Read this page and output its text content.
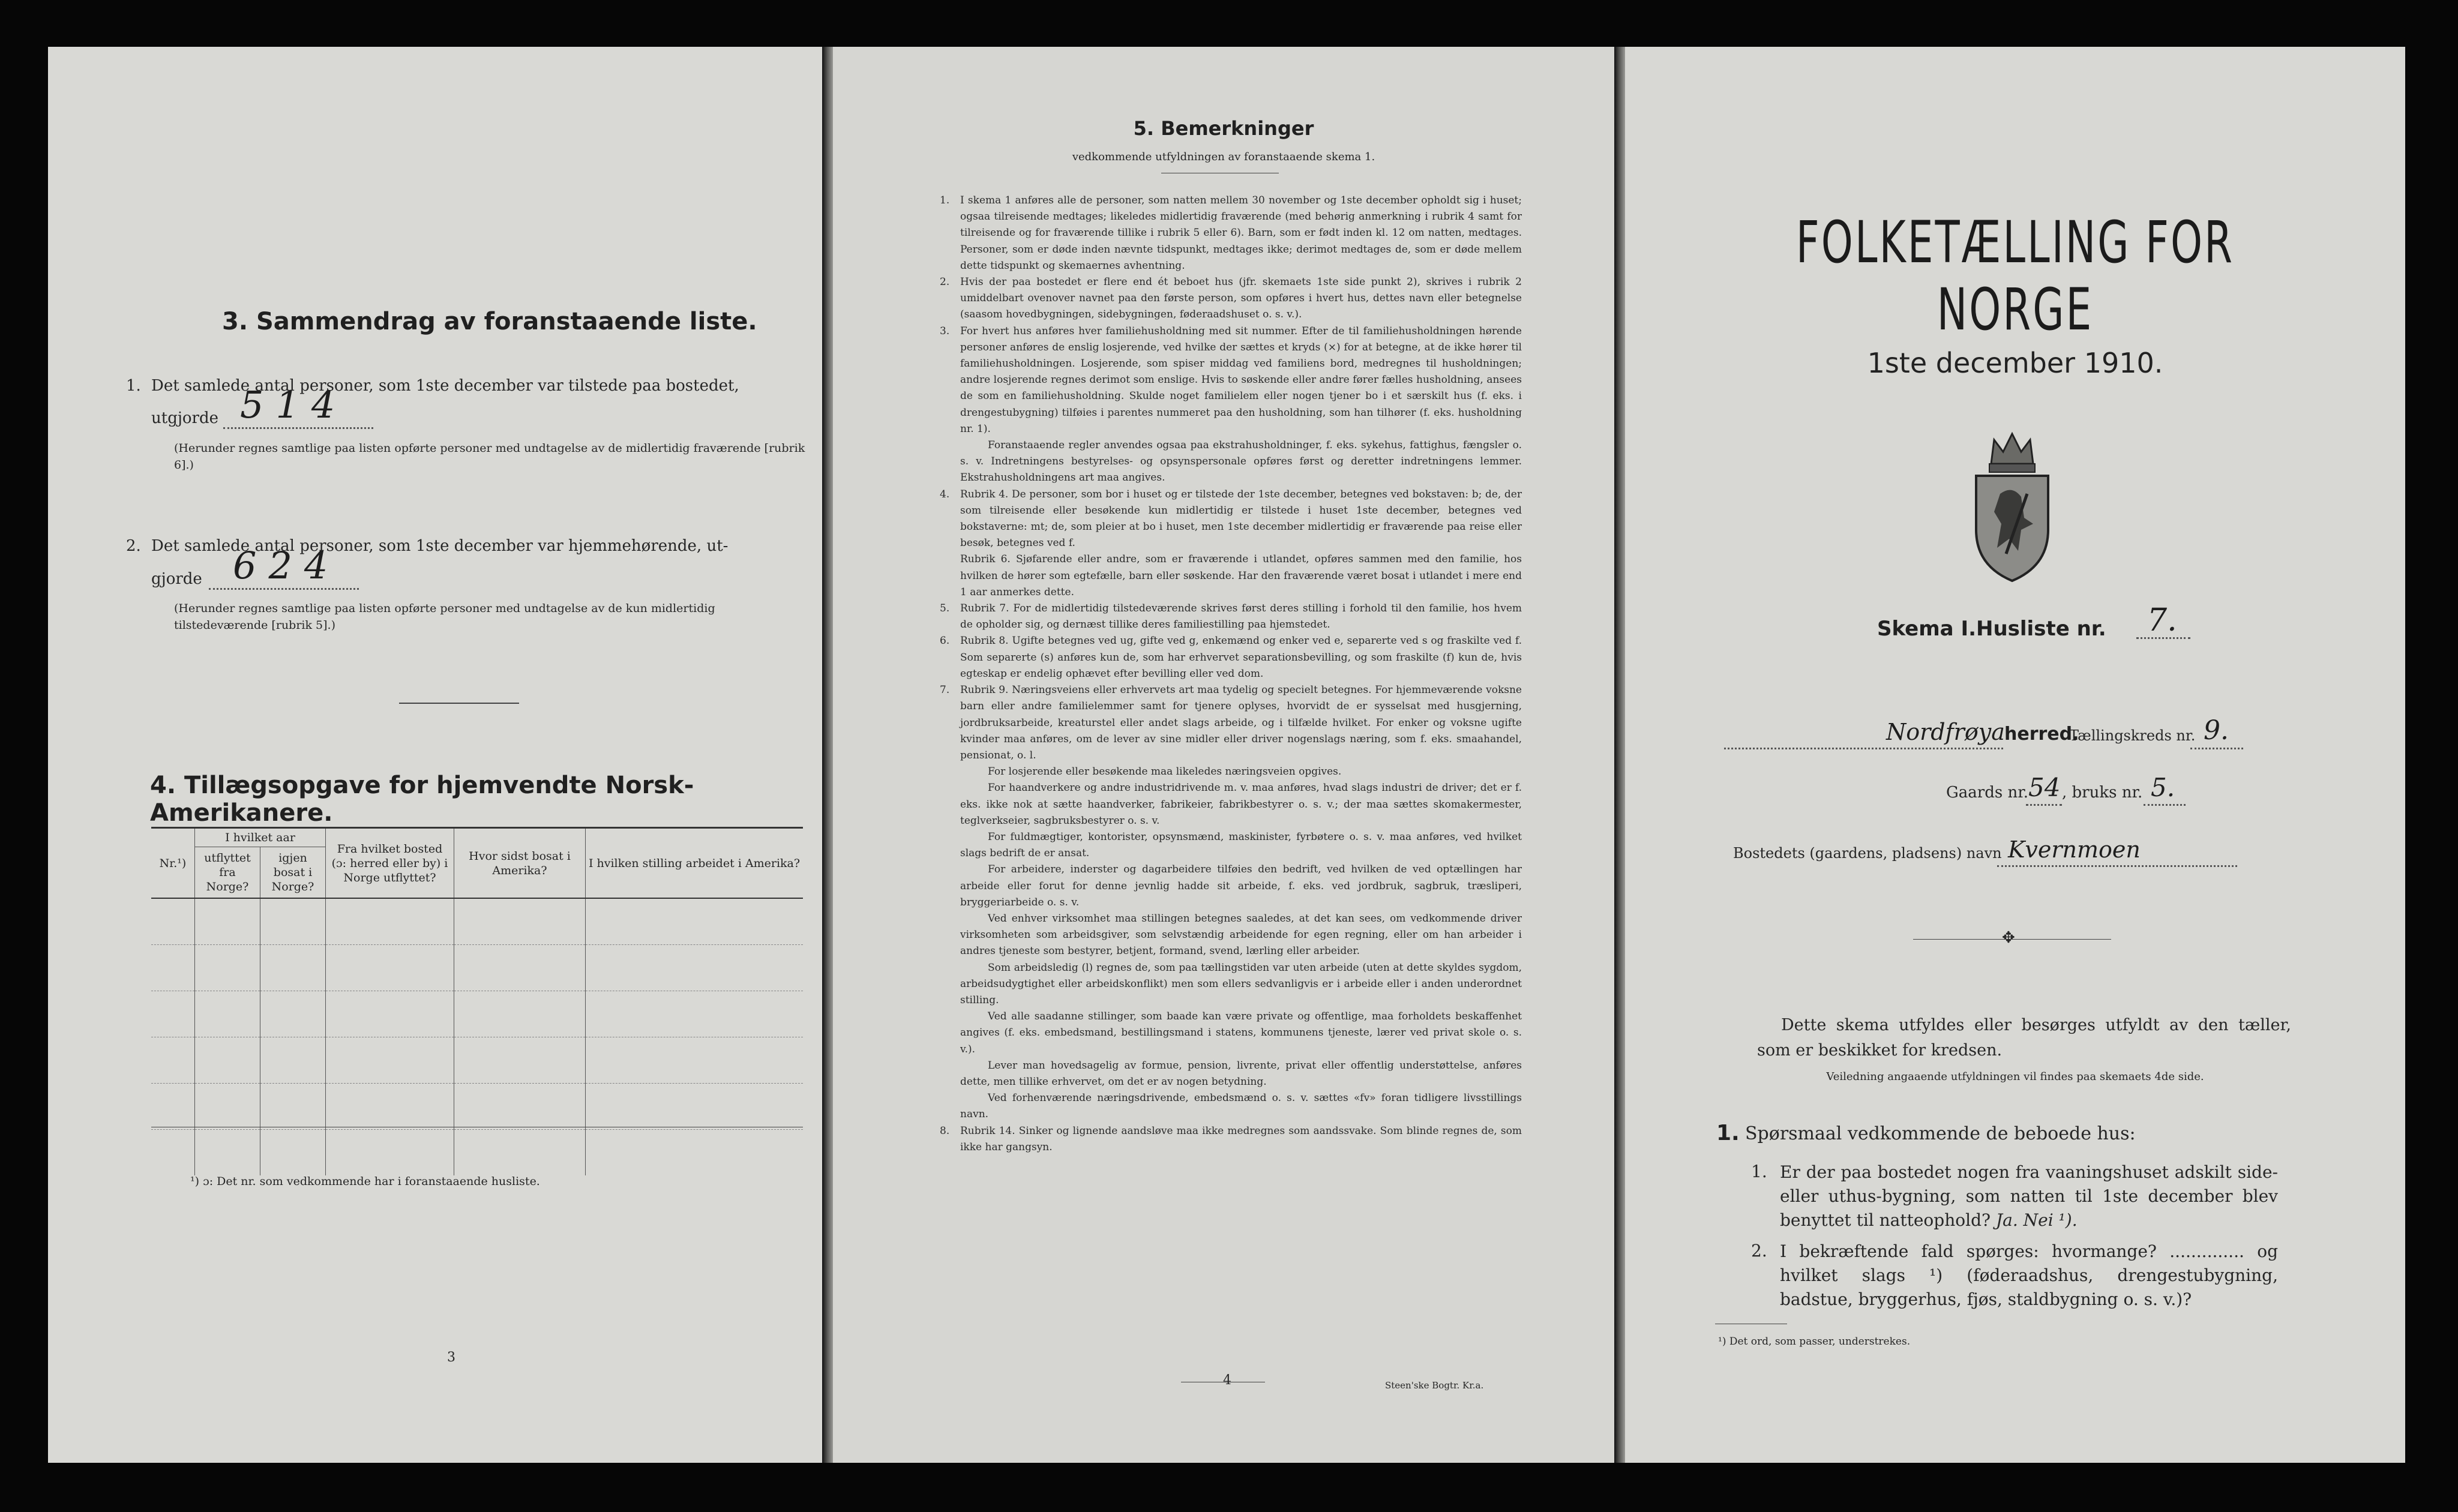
3. Sammendrag av foranstaaende liste.
1. Det samlede antal personer, som 1ste december var tilstede paa bostedet,
utgjorde 514
(Herunder regnes samtlige paa listen opførte personer med undtagelse av de midlertidig fraværende [rubrik 6].)
2. Det samlede antal personer, som 1ste december var hjemmehørende, ut-
gjorde 624
(Herunder regnes samtlige paa listen opførte personer med undtagelse av de kun midlertidig tilstedeværende [rubrik 5].)
4. Tillægsopgave for hjemvendte Norsk-Amerikanere.
Nr.¹)	I hvilket aar		Fra hvilket bosted (ɔ: herred eller by) i Norge utflyttet?	Hvor sidst bosat i Amerika?	I hvilken stilling arbeidet i Amerika?
	utflyttet fra Norge?	igjen bosat i Norge?			

¹) ɔ: Det nr. som vedkommende har i foranstaaende husliste.
3
5. Bemerkninger
vedkommende utfyldningen av foranstaaende skema 1.
1. I skema 1 anføres alle de personer, som natten mellem 30 november og 1ste december opholdt sig i huset; ogsaa tilreisende medtages; likeledes midlertidig fraværende (med behørig anmerkning i rubrik 4 samt for tilreisende og for fraværende tillike i rubrik 5 eller 6). Barn, som er født inden kl. 12 om natten, medtages. Personer, som er døde inden nævnte tidspunkt, medtages ikke; derimot medtages de, som er døde mellem dette tidspunkt og skemaernes avhentning.
2. Hvis der paa bostedet er flere end ét beboet hus (jfr. skemaets 1ste side punkt 2), skrives i rubrik 2 umiddelbart ovenover navnet paa den første person, som opføres i hvert hus, dettes navn eller betegnelse (saasom hovedbygningen, sidebygningen, føderaadshuset o. s. v.).
3. For hvert hus anføres hver familiehusholdning med sit nummer. Efter de til familiehusholdningen hørende personer anføres de enslig losjerende, ved hvilke der sættes et kryds (×) for at betegne, at de ikke hører til familiehusholdningen. Losjerende, som spiser middag ved familiens bord, medregnes til husholdningen; andre losjerende regnes derimot som enslige. Hvis to søskende eller andre fører fælles husholdning, ansees de som en familiehusholdning. Skulde noget familielem eller nogen tjener bo i et særskilt hus (f. eks. i drengestubygning) tilføies i parentes nummeret paa den husholdning, som han tilhører (f. eks. husholdning nr. 1).
Foranstaaende regler anvendes ogsaa paa ekstrahusholdninger, f. eks. sykehus, fattighus, fængsler o. s. v. Indretningens bestyrelses- og opsynspersonale opføres først og deretter indretningens lemmer. Ekstrahusholdningens art maa angives.
4. Rubrik 4. De personer, som bor i huset og er tilstede der 1ste december, betegnes ved bokstaven: b; de, der som tilreisende eller besøkende kun midlertidig er tilstede i huset 1ste december, betegnes ved bokstaverne: mt; de, som pleier at bo i huset, men 1ste december midlertidig er fraværende paa reise eller besøk, betegnes ved f.
Rubrik 6. Sjøfarende eller andre, som er fraværende i utlandet, opføres sammen med den familie, hos hvilken de hører som egtefælle, barn eller søskende. Har den fraværende været bosat i utlandet i mere end 1 aar anmerkes dette.
5. Rubrik 7. For de midlertidig tilstedeværende skrives først deres stilling i forhold til den familie, hos hvem de opholder sig, og dernæst tillike deres familiestilling paa hjemstedet.
6. Rubrik 8. Ugifte betegnes ved ug, gifte ved g, enkemænd og enker ved e, separerte ved s og fraskilte ved f. Som separerte (s) anføres kun de, som har erhvervet separationsbevilling, og som fraskilte (f) kun de, hvis egteskap er endelig ophævet efter bevilling eller ved dom.
7. Rubrik 9. Næringsveiens eller erhvervets art maa tydelig og specielt betegnes. For hjemmeværende voksne barn eller andre familielemmer samt for tjenere oplyses, hvorvidt de er sysselsat med husgjerning, jordbruksarbeide, kreaturstel eller andet slags arbeide, og i tilfælde hvilket. For enker og voksne ugifte kvinder maa anføres, om de lever av sine midler eller driver nogenslags næring, som f. eks. smaahandel, pensionat, o. l.
For losjerende eller besøkende maa likeledes næringsveien opgives.
For haandverkere og andre industridrivende m. v. maa anføres, hvad slags industri de driver; det er f. eks. ikke nok at sætte haandverker, fabrikeier, fabrikbestyrer o. s. v.; der maa sættes skomakermester, teglverkseier, sagbruksbestyrer o. s. v.
For fuldmægtiger, kontorister, opsynsmænd, maskinister, fyrbøtere o. s. v. maa anføres, ved hvilket slags bedrift de er ansat.
For arbeidere, inderster og dagarbeidere tilføies den bedrift, ved hvilken de ved optællingen har arbeide eller forut for denne jevnlig hadde sit arbeide, f. eks. ved jordbruk, sagbruk, træsliperi, bryggeriarbeide o. s. v.
Ved enhver virksomhet maa stillingen betegnes saaledes, at det kan sees, om vedkommende driver virksomheten som arbeidsgiver, som selvstændig arbeidende for egen regning, eller om han arbeider i andres tjeneste som bestyrer, betjent, formand, svend, lærling eller arbeider.
Som arbeidsledig (l) regnes de, som paa tællingstiden var uten arbeide (uten at dette skyldes sygdom, arbeidsudygtighet eller arbeidskonflikt) men som ellers sedvanligvis er i arbeide eller i anden underordnet stilling.
Ved alle saadanne stillinger, som baade kan være private og offentlige, maa forholdets beskaffenhet angives (f. eks. embedsmand, bestillingsmand i statens, kommunens tjeneste, lærer ved privat skole o. s. v.).
Lever man hovedsagelig av formue, pension, livrente, privat eller offentlig understøttelse, anføres dette, men tillike erhvervet, om det er av nogen betydning.
Ved forhenværende næringsdrivende, embedsmænd o. s. v. sættes «fv» foran tidligere livsstillings navn.
8. Rubrik 14. Sinker og lignende aandsløve maa ikke medregnes som aandssvake. Som blinde regnes de, som ikke har gangsyn.
4	Steen'ske Bogtr. Kr.a.
FOLKETÆLLING FOR NORGE
1ste december 1910.
Skema I. Husliste nr. 7.
Nordfrøya herred.
Tællingskreds nr. 9.
Gaards nr. 54 , bruks nr. 5.
Bostedets (gaardens, pladsens) navn Kvernmoen
✥
Dette skema utfyldes eller besørges utfyldt av den tæller, som er beskikket for kredsen.
Veiledning angaaende utfyldningen vil findes paa skemaets 4de side.
1. Spørsmaal vedkommende de beboede hus:
1. Er der paa bostedet nogen fra vaaningshuset adskilt side- eller uthus-bygning, som natten til 1ste december blev benyttet til natteophold? Ja. Nei ¹).
2. I bekræftende fald spørges: hvormange? .............. og hvilket slags ¹) (føderaadshus, drengestubygning, badstue, bryggerhus, fjøs, staldbygning o. s. v.)?
¹) Det ord, som passer, understrekes.
